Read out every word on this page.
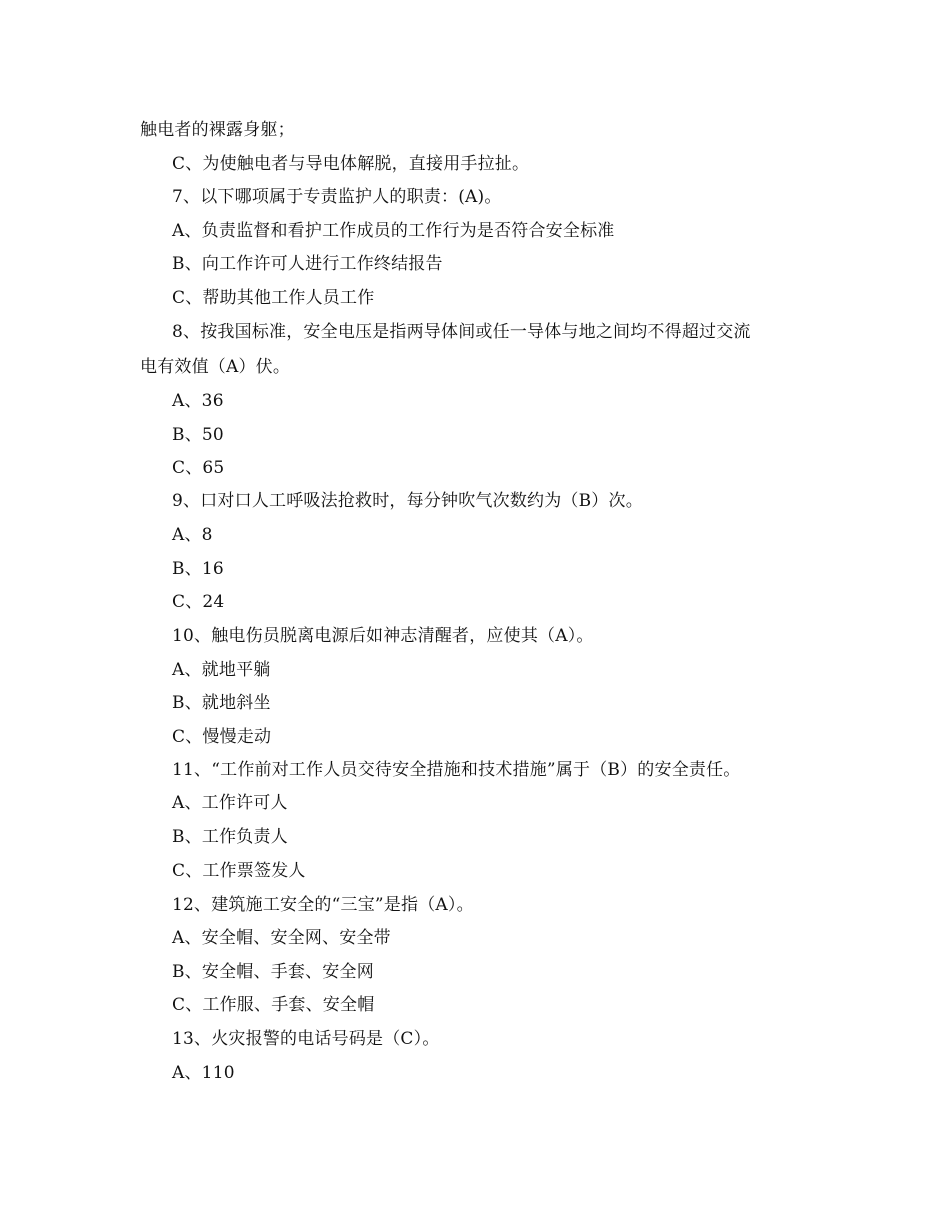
触电者的裸露身躯；
C、为使触电者与导电体解脱，直接用手拉扯。
7、以下哪项属于专责监护人的职责：(A)。
A、负责监督和看护工作成员的工作行为是否符合安全标准
B、向工作许可人进行工作终结报告
C、帮助其他工作人员工作
8、按我国标准，安全电压是指两导体间或任一导体与地之间均不得超过交流
电有效值（A）伏。
A、36
B、50
C、65
9、口对口人工呼吸法抢救时，每分钟吹气次数约为（B）次。
A、8
B、16
C、24
10、触电伤员脱离电源后如神志清醒者，应使其（A）。
A、就地平躺
B、就地斜坐
C、慢慢走动
11、“工作前对工作人员交待安全措施和技术措施”属于（B）的安全责任。
A、工作许可人
B、工作负责人
C、工作票签发人
12、建筑施工安全的“三宝”是指（A）。
A、安全帽、安全网、安全带
B、安全帽、手套、安全网
C、工作服、手套、安全帽
13、火灾报警的电话号码是（C）。
A、110
